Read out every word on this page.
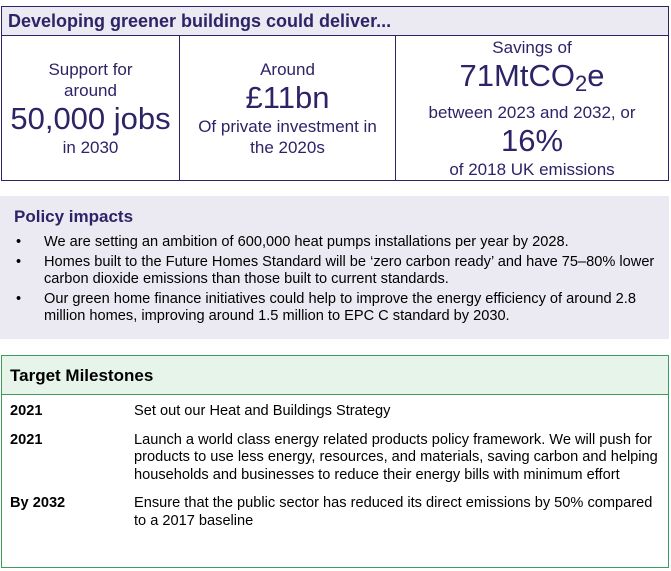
Developing greener buildings could deliver...
Support for
around
50,000 jobs
in 2030
Around
£11bn
Of private investment in
the 2020s
Savings of
71MtCO$_2$e
between 2023 and 2032, or
16%
of 2018 UK emissions
Policy impacts
• We are setting an ambition of 600,000 heat pumps installations per year by 2028.
• Homes built to the Future Homes Standard will be ‘zero carbon ready’ and have 75–80% lower carbon dioxide emissions than those built to current standards.
• Our green home finance initiatives could help to improve the energy efficiency of around 2.8 million homes, improving around 1.5 million to EPC C standard by 2030.
Target Milestones
2021	Set out our Heat and Buildings Strategy
2021	Launch a world class energy related products policy framework. We will push for products to use less energy, resources, and materials, saving carbon and helping households and businesses to reduce their energy bills with minimum effort
By 2032	Ensure that the public sector has reduced its direct emissions by 50% compared to a 2017 baseline
